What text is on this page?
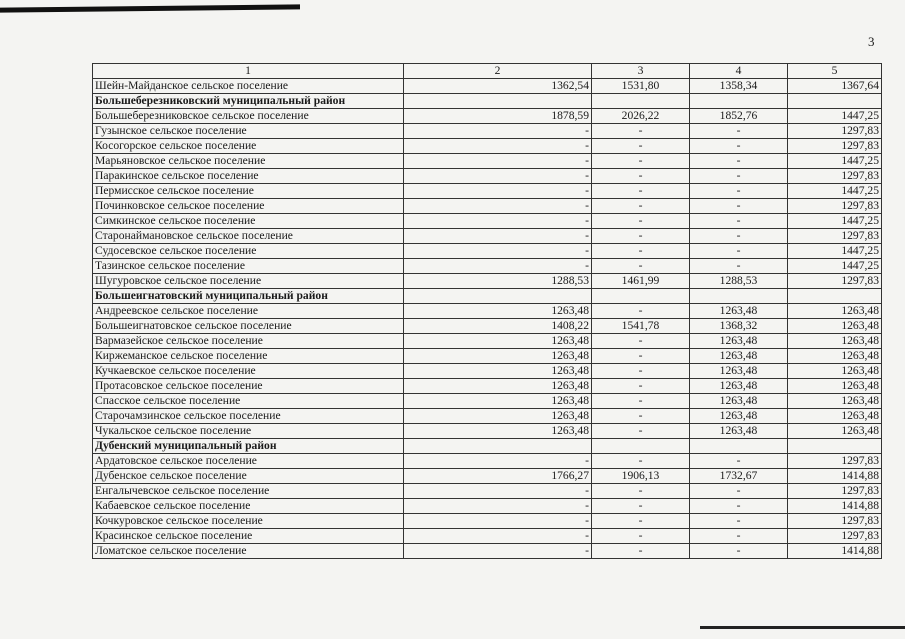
3
1	2	3	4	5
Шейн-Майданское сельское поселение	1362,54	1531,80	1358,34	1367,64
Большеберезниковский муниципальный район				
Большеберезниковское сельское поселение	1878,59	2026,22	1852,76	1447,25
Гузынское сельское поселение	-	-	-	1297,83
Косогорское сельское поселение	-	-	-	1297,83
Марьяновское сельское поселение	-	-	-	1447,25
Паракинское сельское поселение	-	-	-	1297,83
Пермисское сельское поселение	-	-	-	1447,25
Починковское сельское поселение	-	-	-	1297,83
Симкинское сельское поселение	-	-	-	1447,25
Старонаймановское сельское поселение	-	-	-	1297,83
Судосевское сельское поселение	-	-	-	1447,25
Тазинское сельское поселение	-	-	-	1447,25
Шугуровское сельское поселение	1288,53	1461,99	1288,53	1297,83
Большеигнатовский муниципальный район				
Андреевское сельское поселение	1263,48	-	1263,48	1263,48
Большеигнатовское сельское поселение	1408,22	1541,78	1368,32	1263,48
Вармазейское сельское поселение	1263,48	-	1263,48	1263,48
Киржеманское сельское поселение	1263,48	-	1263,48	1263,48
Кучкаевское сельское поселение	1263,48	-	1263,48	1263,48
Протасовское сельское поселение	1263,48	-	1263,48	1263,48
Спасское сельское поселение	1263,48	-	1263,48	1263,48
Старочамзинское сельское поселение	1263,48	-	1263,48	1263,48
Чукальское сельское поселение	1263,48	-	1263,48	1263,48
Дубенский муниципальный район				
Ардатовское сельское поселение	-	-	-	1297,83
Дубенское сельское поселение	1766,27	1906,13	1732,67	1414,88
Енгалычевское сельское поселение	-	-	-	1297,83
Кабаевское сельское поселение	-	-	-	1414,88
Кочкуровское сельское поселение	-	-	-	1297,83
Красинское сельское поселение	-	-	-	1297,83
Ломатское сельское поселение	-	-	-	1414,88
